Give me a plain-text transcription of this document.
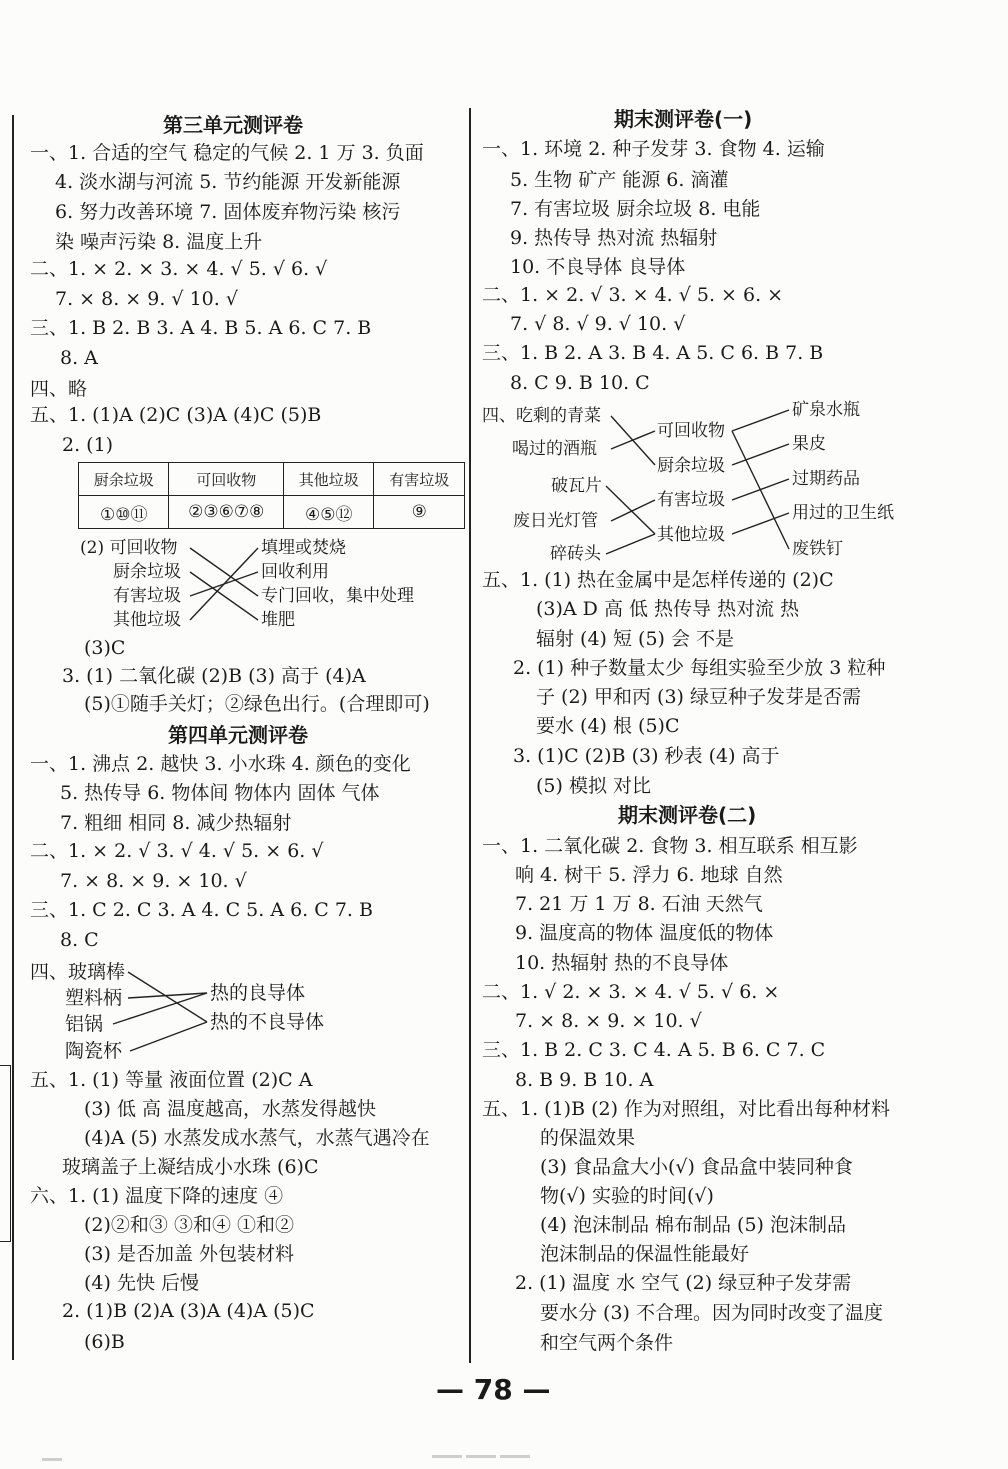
第三单元测评卷
一、1. 合适的空气 稳定的气候 2. 1 万 3. 负面
4. 淡水湖与河流 5. 节约能源 开发新能源
6. 努力改善环境 7. 固体废弃物污染 核污
染 噪声污染 8. 温度上升
二、1. × 2. × 3. × 4. √ 5. √ 6. √
7. × 8. × 9. √ 10. √
三、1. B 2. B 3. A 4. B 5. A 6. C 7. B
8. A
四、略
五、1. (1)A (2)C (3)A (4)C (5)B
2. (1)
厨余垃圾	可回收物	其他垃圾	有害垃圾
①⑩⑪	②③⑥⑦⑧	④⑤⑫	⑨
(2) 可回收物
厨余垃圾
有害垃圾
其他垃圾
填埋或焚烧
回收利用
专门回收，集中处理
堆肥
(3)C
3. (1) 二氧化碳 (2)B (3) 高于 (4)A
(5)①随手关灯；②绿色出行。(合理即可)
第四单元测评卷
一、1. 沸点 2. 越快 3. 小水珠 4. 颜色的变化
5. 热传导 6. 物体间 物体内 固体 气体
7. 粗细 相同 8. 减少热辐射
二、1. × 2. √ 3. √ 4. √ 5. × 6. √
7. × 8. × 9. × 10. √
三、1. C 2. C 3. A 4. C 5. A 6. C 7. B
8. C
四、玻璃棒
塑料柄
铝锅
陶瓷杯
热的良导体
热的不良导体
五、1. (1) 等量 液面位置 (2)C A
(3) 低 高 温度越高，水蒸发得越快
(4)A (5) 水蒸发成水蒸气，水蒸气遇冷在
玻璃盖子上凝结成小水珠 (6)C
六、1. (1) 温度下降的速度 ④
(2)②和③ ③和④ ①和②
(3) 是否加盖 外包装材料
(4) 先快 后慢
2. (1)B (2)A (3)A (4)A (5)C
(6)B
期末测评卷(一)
一、1. 环境 2. 种子发芽 3. 食物 4. 运输
5. 生物 矿产 能源 6. 滴灌
7. 有害垃圾 厨余垃圾 8. 电能
9. 热传导 热对流 热辐射
10. 不良导体 良导体
二、1. × 2. √ 3. × 4. √ 5. × 6. ×
7. √ 8. √ 9. √ 10. √
三、1. B 2. A 3. B 4. A 5. C 6. B 7. B
8. C 9. B 10. C
四、吃剩的青菜
喝过的酒瓶
破瓦片
废日光灯管
碎砖头
可回收物
厨余垃圾
有害垃圾
其他垃圾
矿泉水瓶
果皮
过期药品
用过的卫生纸
废铁钉
五、1. (1) 热在金属中是怎样传递的 (2)C
(3)A D 高 低 热传导 热对流 热
辐射 (4) 短 (5) 会 不是
2. (1) 种子数量太少 每组实验至少放 3 粒种
子 (2) 甲和丙 (3) 绿豆种子发芽是否需
要水 (4) 根 (5)C
3. (1)C (2)B (3) 秒表 (4) 高于
(5) 模拟 对比
期末测评卷(二)
一、1. 二氧化碳 2. 食物 3. 相互联系 相互影
响 4. 树干 5. 浮力 6. 地球 自然
7. 21 万 1 万 8. 石油 天然气
9. 温度高的物体 温度低的物体
10. 热辐射 热的不良导体
二、1. √ 2. × 3. × 4. √ 5. √ 6. ×
7. × 8. × 9. × 10. √
三、1. B 2. C 3. C 4. A 5. B 6. C 7. C
8. B 9. B 10. A
五、1. (1)B (2) 作为对照组，对比看出每种材料
的保温效果
(3) 食品盒大小(√) 食品盒中装同种食
物(√) 实验的时间(√)
(4) 泡沫制品 棉布制品 (5) 泡沫制品
泡沫制品的保温性能最好
2. (1) 温度 水 空气 (2) 绿豆种子发芽需
要水分 (3) 不合理。因为同时改变了温度
和空气两个条件
— 78 —
